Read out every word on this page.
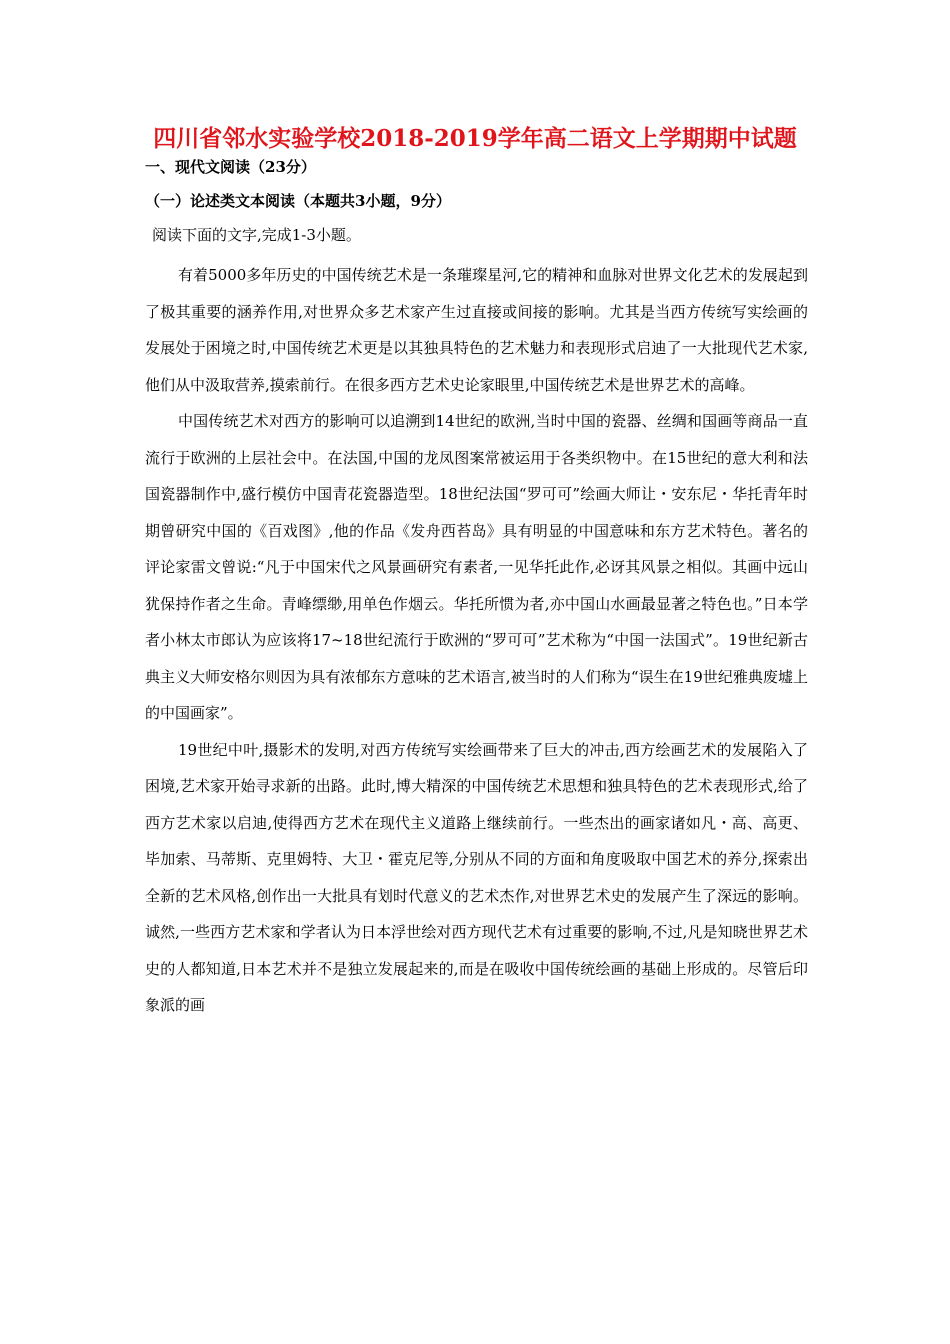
四川省邻水实验学校2018-2019学年高二语文上学期期中试题
一、现代文阅读（23分）
（一）论述类文本阅读（本题共3小题，9分）
阅读下面的文字,完成1-3小题。

有着5000多年历史的中国传统艺术是一条璀璨星河,它的精神和血脉对世界文化艺术的发展起到了极其重要的涵养作用,对世界众多艺术家产生过直接或间接的影响。尤其是当西方传统写实绘画的发展处于困境之时,中国传统艺术更是以其独具特色的艺术魅力和表现形式启迪了一大批现代艺术家,他们从中汲取营养,摸索前行。在很多西方艺术史论家眼里,中国传统艺术是世界艺术的高峰。

中国传统艺术对西方的影响可以追溯到14世纪的欧洲,当时中国的瓷器、丝绸和国画等商品一直流行于欧洲的上层社会中。在法国,中国的龙凤图案常被运用于各类织物中。在15世纪的意大利和法国瓷器制作中,盛行模仿中国青花瓷器造型。18世纪法国“罗可可”绘画大师让・安东尼・华托青年时期曾研究中国的《百戏图》,他的作品《发舟西苔岛》具有明显的中国意味和东方艺术特色。著名的评论家雷文曾说:“凡于中国宋代之风景画研究有素者,一见华托此作,必讶其风景之相似。其画中远山犹保持作者之生命。青峰缥缈,用单色作烟云。华托所惯为者,亦中国山水画最显著之特色也。”日本学者小林太市郎认为应该将17~18世纪流行于欧洲的“罗可可”艺术称为“中国一法国式”。19世纪新古典主义大师安格尔则因为具有浓郁东方意味的艺术语言,被当时的人们称为“误生在19世纪雅典废墟上的中国画家”。

19世纪中叶,摄影术的发明,对西方传统写实绘画带来了巨大的冲击,西方绘画艺术的发展陷入了困境,艺术家开始寻求新的出路。此时,博大精深的中国传统艺术思想和独具特色的艺术表现形式,给了西方艺术家以启迪,使得西方艺术在现代主义道路上继续前行。一些杰出的画家诸如凡・高、高更、毕加索、马蒂斯、克里姆特、大卫・霍克尼等,分别从不同的方面和角度吸取中国艺术的养分,探索出全新的艺术风格,创作出一大批具有划时代意义的艺术杰作,对世界艺术史的发展产生了深远的影响。诚然,一些西方艺术家和学者认为日本浮世绘对西方现代艺术有过重要的影响,不过,凡是知晓世界艺术史的人都知道,日本艺术并不是独立发展起来的,而是在吸收中国传统绘画的基础上形成的。尽管后印象派的画
